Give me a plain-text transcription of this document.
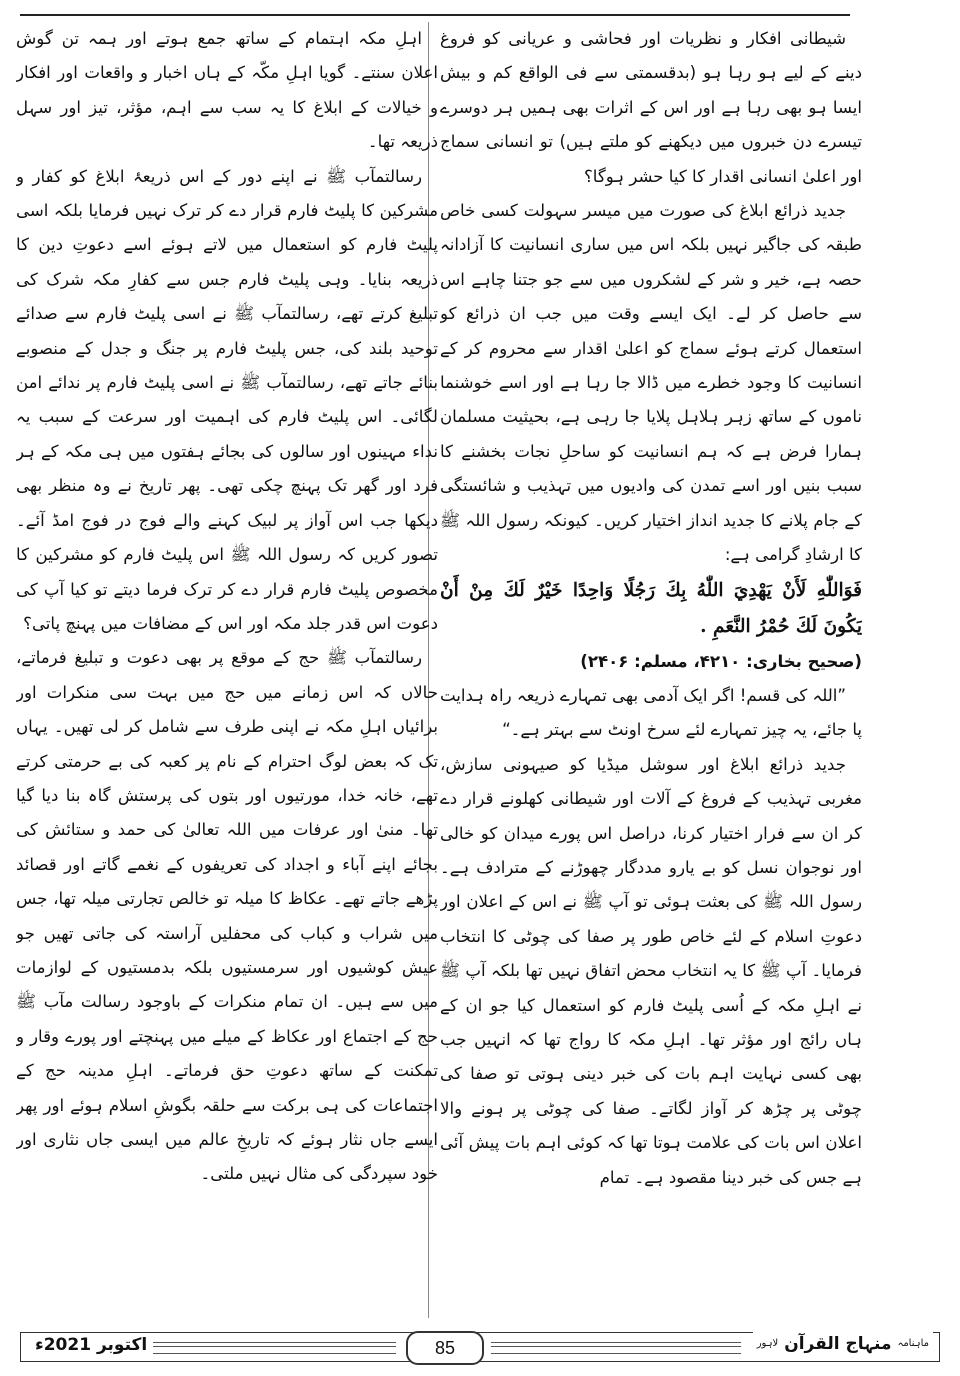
شیطانی افکار و نظریات اور فحاشی و عریانی کو فروغ دینے کے لیے ہو رہا ہو (بدقسمتی سے فی الواقع کم و بیش ایسا ہو بھی رہا ہے اور اس کے اثرات بھی ہمیں ہر دوسرے تیسرے دن خبروں میں دیکھنے کو ملتے ہیں) تو انسانی سماج اور اعلیٰ انسانی اقدار کا کیا حشر ہوگا؟

جدید ذرائع ابلاغ کی صورت میں میسر سہولت کسی خاص طبقہ کی جاگیر نہیں بلکہ اس میں ساری انسانیت کا آزادانہ حصہ ہے، خیر و شر کے لشکروں میں سے جو جتنا چاہے اس سے حاصل کر لے۔ ایک ایسے وقت میں جب ان ذرائع کو استعمال کرتے ہوئے سماج کو اعلیٰ اقدار سے محروم کر کے انسانیت کا وجود خطرے میں ڈالا جا رہا ہے اور اسے خوشنما ناموں کے ساتھ زہر ہلاہل پلایا جا رہی ہے، بحیثیت مسلمان ہمارا فرض ہے کہ ہم انسانیت کو ساحلِ نجات بخشنے کا سبب بنیں اور اسے تمدن کی وادیوں میں تہذیب و شائستگی کے جام پلانے کا جدید انداز اختیار کریں۔ کیونکہ رسول اللہ ﷺ کا ارشادِ گرامی ہے:

فَوَاللّٰهِ لَأَنْ يَهْدِيَ اللّٰهُ بِكَ رَجُلًا وَاحِدًا خَيْرٌ لَكَ مِنْ أَنْ يَكُونَ لَكَ حُمْرُ النَّعَمِ .

(صحیح بخاری: ۴۲۱۰، مسلم: ۲۴۰۶)

”اللہ کی قسم! اگر ایک آدمی بھی تمہارے ذریعہ راہ ہدایت پا جائے، یہ چیز تمہارے لئے سرخ اونٹ سے بہتر ہے۔“

جدید ذرائع ابلاغ اور سوشل میڈیا کو صیہونی سازش، مغربی تہذیب کے فروغ کے آلات اور شیطانی کھلونے قرار دے کر ان سے فرار اختیار کرنا، دراصل اس پورے میدان کو خالی اور نوجوان نسل کو بے یارو مددگار چھوڑنے کے مترادف ہے۔ رسول اللہ ﷺ کی بعثت ہوئی تو آپ ﷺ نے اس کے اعلان اور دعوتِ اسلام کے لئے خاص طور پر صفا کی چوٹی کا انتخاب فرمایا۔ آپ ﷺ کا یہ انتخاب محض اتفاق نہیں تھا بلکہ آپ ﷺ نے اہلِ مکہ کے اُسی پلیٹ فارم کو استعمال کیا جو ان کے ہاں رائج اور مؤثر تھا۔ اہلِ مکہ کا رواج تھا کہ انہیں جب بھی کسی نہایت اہم بات کی خبر دینی ہوتی تو صفا کی چوٹی پر چڑھ کر آواز لگاتے۔ صفا کی چوٹی پر ہونے والا اعلان اس بات کی علامت ہوتا تھا کہ کوئی اہم بات پیش آئی ہے جس کی خبر دینا مقصود ہے۔ تمام

اہلِ مکہ اہتمام کے ساتھ جمع ہوتے اور ہمہ تن گوش اعلان سنتے۔ گویا اہلِ مکّہ کے ہاں اخبار و واقعات اور افکار و خیالات کے ابلاغ کا یہ سب سے اہم، مؤثر، تیز اور سہل ذریعہ تھا۔

رسالتمآب ﷺ نے اپنے دور کے اس ذریعۂ ابلاغ کو کفار و مشرکین کا پلیٹ فارم قرار دے کر ترک نہیں فرمایا بلکہ اسی پلیٹ فارم کو استعمال میں لاتے ہوئے اسے دعوتِ دین کا ذریعہ بنایا۔ وہی پلیٹ فارم جس سے کفارِ مکہ شرک کی تبلیغ کرتے تھے، رسالتمآب ﷺ نے اسی پلیٹ فارم سے صدائے توحید بلند کی، جس پلیٹ فارم پر جنگ و جدل کے منصوبے بنائے جاتے تھے، رسالتمآب ﷺ نے اسی پلیٹ فارم پر ندائے امن لگائی۔ اس پلیٹ فارم کی اہمیت اور سرعت کے سبب یہ نداء مہینوں اور سالوں کی بجائے ہفتوں میں ہی مکہ کے ہر فرد اور گھر تک پہنچ چکی تھی۔ پھر تاریخ نے وہ منظر بھی دیکھا جب اس آواز پر لبیک کہنے والے فوج در فوج امڈ آئے۔ تصور کریں کہ رسول اللہ ﷺ اس پلیٹ فارم کو مشرکین کا مخصوص پلیٹ فارم قرار دے کر ترک فرما دیتے تو کیا آپ کی دعوت اس قدر جلد مکہ اور اس کے مضافات میں پہنچ پاتی؟

رسالتمآب ﷺ حج کے موقع پر بھی دعوت و تبلیغ فرماتے، حالاں کہ اس زمانے میں حج میں بہت سی منکرات اور برائیاں اہلِ مکہ نے اپنی طرف سے شامل کر لی تھیں۔ یہاں تک کہ بعض لوگ احترام کے نام پر کعبہ کی بے حرمتی کرتے تھے، خانہ خدا، مورتیوں اور بتوں کی پرستش گاہ بنا دیا گیا تھا۔ منیٰ اور عرفات میں اللہ تعالیٰ کی حمد و ستائش کی بجائے اپنے آباء و اجداد کی تعریفوں کے نغمے گاتے اور قصائد پڑھے جاتے تھے۔ عکاظ کا میلہ تو خالص تجارتی میلہ تھا، جس میں شراب و کباب کی محفلیں آراستہ کی جاتی تھیں جو عیش کوشیوں اور سرمستیوں بلکہ بدمستیوں کے لوازمات میں سے ہیں۔ ان تمام منکرات کے باوجود رسالت مآب ﷺ حج کے اجتماع اور عکاظ کے میلے میں پہنچتے اور پورے وقار و تمکنت کے ساتھ دعوتِ حق فرماتے۔ اہلِ مدینہ حج کے اجتماعات کی ہی برکت سے حلقہ بگوشِ اسلام ہوئے اور پھر ایسے جاں نثار ہوئے کہ تاریخِ عالم میں ایسی جاں نثاری اور خود سپردگی کی مثال نہیں ملتی۔

اکتوبر 2021ء	85	$^{ماہنامہ}$ منہاج القرآن لاہور
